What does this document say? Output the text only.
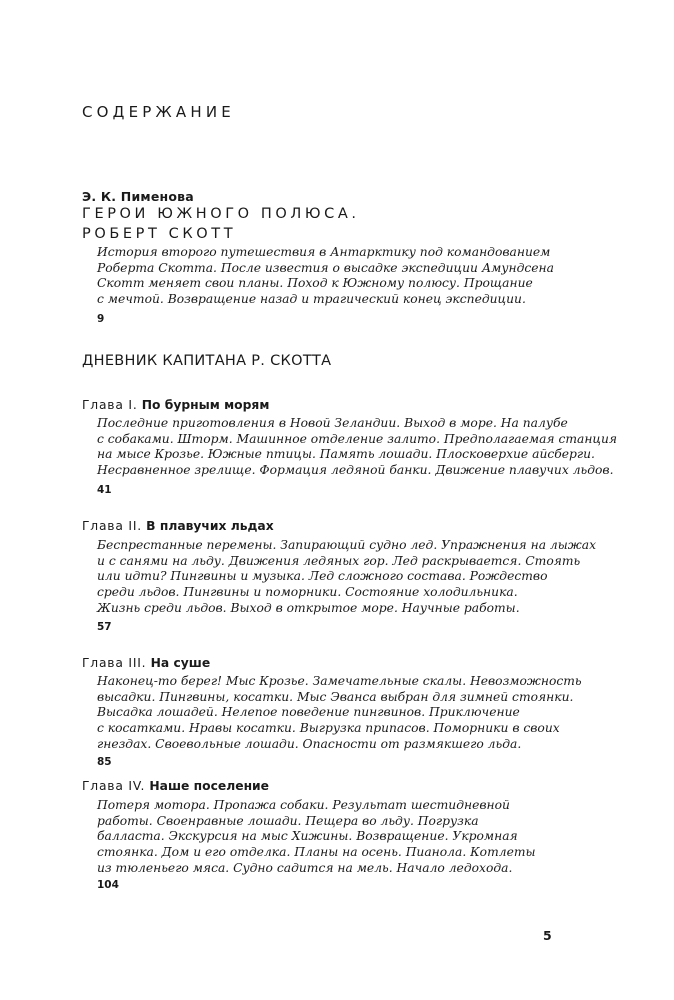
СОДЕРЖАНИЕ
Э. К. Пименова
ГЕРОИ ЮЖНОГО ПОЛЮСА.
РОБЕРТ СКОТТ
История второго путешествия в Антарктику под командованием
Роберта Скотта. После известия о высадке экспедиции Амундсена
Скотт меняет свои планы. Поход к Южному полюсу. Прощание
с мечтой. Возвращение назад и трагический конец экспедиции.
9
ДНЕВНИК КАПИТАНА Р. СКОТТА
Глава I. По бурным морям
Последние приготовления в Новой Зеландии. Выход в море. На палубе
с собаками. Шторм. Машинное отделение залито. Предполагаемая станция
на мысе Крозье. Южные птицы. Память лошади. Плосковерхие айсберги.
Несравненное зрелище. Формация ледяной банки. Движение плавучих льдов.
41
Глава II. В плавучих льдах
Беспрестанные перемены. Запирающий судно лед. Упражнения на лыжах
и с санями на льду. Движения ледяных гор. Лед раскрывается. Стоять
или идти? Пингвины и музыка. Лед сложного состава. Рождество
среди льдов. Пингвины и поморники. Состояние холодильника.
Жизнь среди льдов. Выход в открытое море. Научные работы.
57
Глава III. На суше
Наконец-то берег! Мыс Крозье. Замечательные скалы. Невозможность
высадки. Пингвины, косатки. Мыс Эванса выбран для зимней стоянки.
Высадка лошадей. Нелепое поведение пингвинов. Приключение
с косатками. Нравы косатки. Выгрузка припасов. Поморники в своих
гнездах. Своевольные лошади. Опасности от размякшего льда.
85
Глава IV. Наше поселение
Потеря мотора. Пропажа собаки. Результат шестидневной
работы. Своенравные лошади. Пещера во льду. Погрузка
балласта. Экскурсия на мыс Хижины. Возвращение. Укромная
стоянка. Дом и его отделка. Планы на осень. Пианола. Котлеты
из тюленьего мяса. Судно садится на мель. Начало ледохода.
104
5
